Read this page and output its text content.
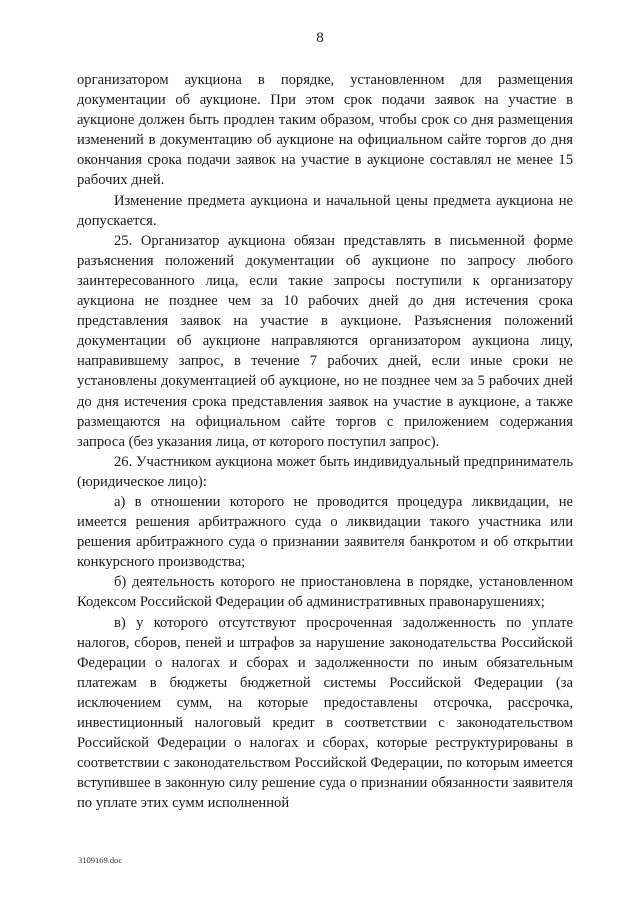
8

организатором аукциона в порядке, установленном для размещения документации об аукционе. При этом срок подачи заявок на участие в аукционе должен быть продлен таким образом, чтобы срок со дня размещения изменений в документацию об аукционе на официальном сайте торгов до дня окончания срока подачи заявок на участие в аукционе составлял не менее 15 рабочих дней.

Изменение предмета аукциона и начальной цены предмета аукциона не допускается.

25. Организатор аукциона обязан представлять в письменной форме разъяснения положений документации об аукционе по запросу любого заинтересованного лица, если такие запросы поступили к организатору аукциона не позднее чем за 10 рабочих дней до дня истечения срока представления заявок на участие в аукционе. Разъяснения положений документации об аукционе направляются организатором аукциона лицу, направившему запрос, в течение 7 рабочих дней, если иные сроки не установлены документацией об аукционе, но не позднее чем за 5 рабочих дней до дня истечения срока представления заявок на участие в аукционе, а также размещаются на официальном сайте торгов с приложением содержания запроса (без указания лица, от которого поступил запрос).

26. Участником аукциона может быть индивидуальный предприниматель (юридическое лицо):

а) в отношении которого не проводится процедура ликвидации, не имеется решения арбитражного суда о ликвидации такого участника или решения арбитражного суда о признании заявителя банкротом и об открытии конкурсного производства;

б) деятельность которого не приостановлена в порядке, установленном Кодексом Российской Федерации об административных правонарушениях;

в) у которого отсутствуют просроченная задолженность по уплате налогов, сборов, пеней и штрафов за нарушение законодательства Российской Федерации о налогах и сборах и задолженности по иным обязательным платежам в бюджеты бюджетной системы Российской Федерации (за исключением сумм, на которые предоставлены отсрочка, рассрочка, инвестиционный налоговый кредит в соответствии с законодательством Российской Федерации о налогах и сборах, которые реструктурированы в соответствии с законодательством Российской Федерации, по которым имеется вступившее в законную силу решение суда о признании обязанности заявителя по уплате этих сумм исполненной

3109169.doc
